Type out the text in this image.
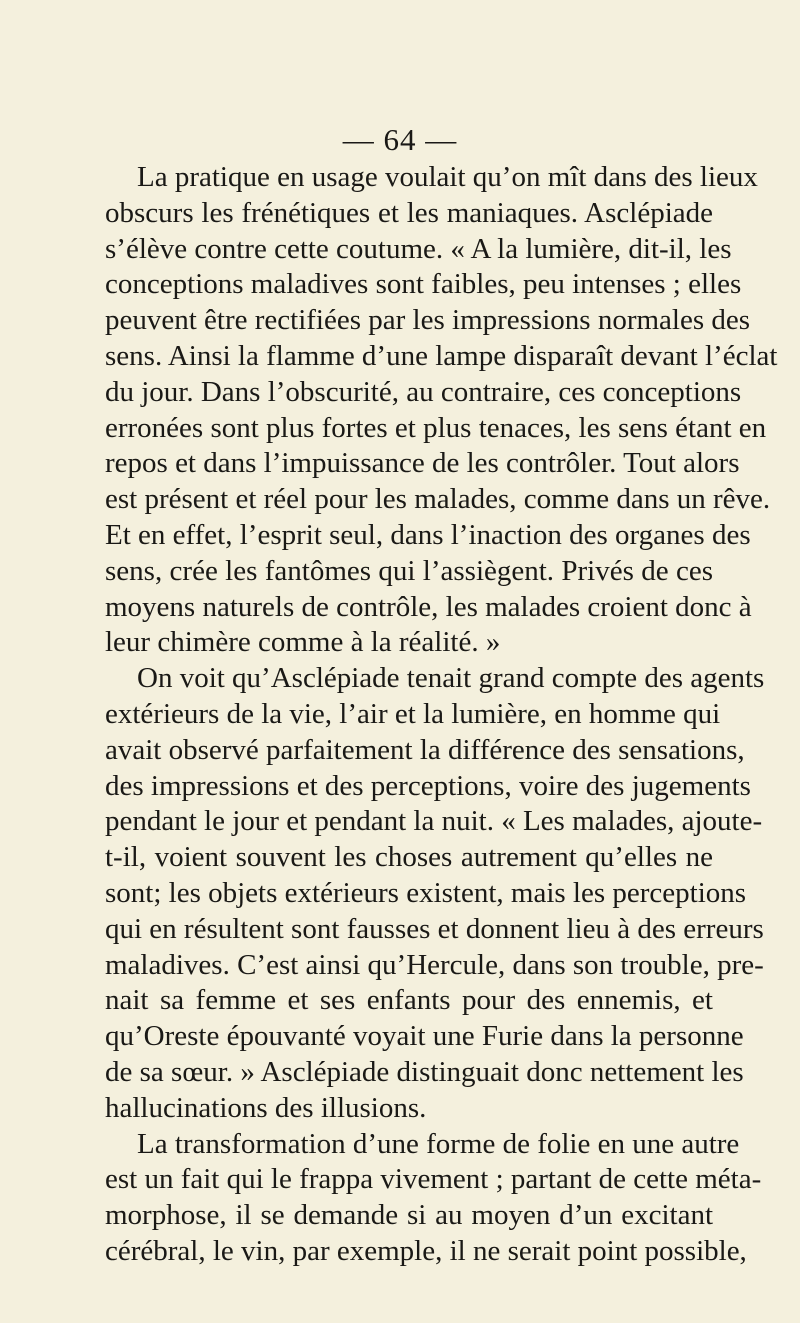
— 64 —
La pratique en usage voulait qu’on mît dans des lieux
obscurs les frénétiques et les maniaques. Asclépiade
s’élève contre cette coutume. « A la lumière, dit-il, les
conceptions maladives sont faibles, peu intenses ; elles
peuvent être rectifiées par les impressions normales des
sens. Ainsi la flamme d’une lampe disparaît devant l’éclat
du jour. Dans l’obscurité, au contraire, ces conceptions
erronées sont plus fortes et plus tenaces, les sens étant en
repos et dans l’impuissance de les contrôler. Tout alors
est présent et réel pour les malades, comme dans un rêve.
Et en effet, l’esprit seul, dans l’inaction des organes des
sens, crée les fantômes qui l’assiègent. Privés de ces
moyens naturels de contrôle, les malades croient donc à
leur chimère comme à la réalité. »
On voit qu’Asclépiade tenait grand compte des agents
extérieurs de la vie, l’air et la lumière, en homme qui
avait observé parfaitement la différence des sensations,
des impressions et des perceptions, voire des jugements
pendant le jour et pendant la nuit. « Les malades, ajoute-
t-il, voient souvent les choses autrement qu’elles ne
sont; les objets extérieurs existent, mais les perceptions
qui en résultent sont fausses et donnent lieu à des erreurs
maladives. C’est ainsi qu’Hercule, dans son trouble, pre-
nait sa femme et ses enfants pour des ennemis, et
qu’Oreste épouvanté voyait une Furie dans la personne
de sa sœur. » Asclépiade distinguait donc nettement les
hallucinations des illusions.
La transformation d’une forme de folie en une autre
est un fait qui le frappa vivement ; partant de cette méta-
morphose, il se demande si au moyen d’un excitant
cérébral, le vin, par exemple, il ne serait point possible,
